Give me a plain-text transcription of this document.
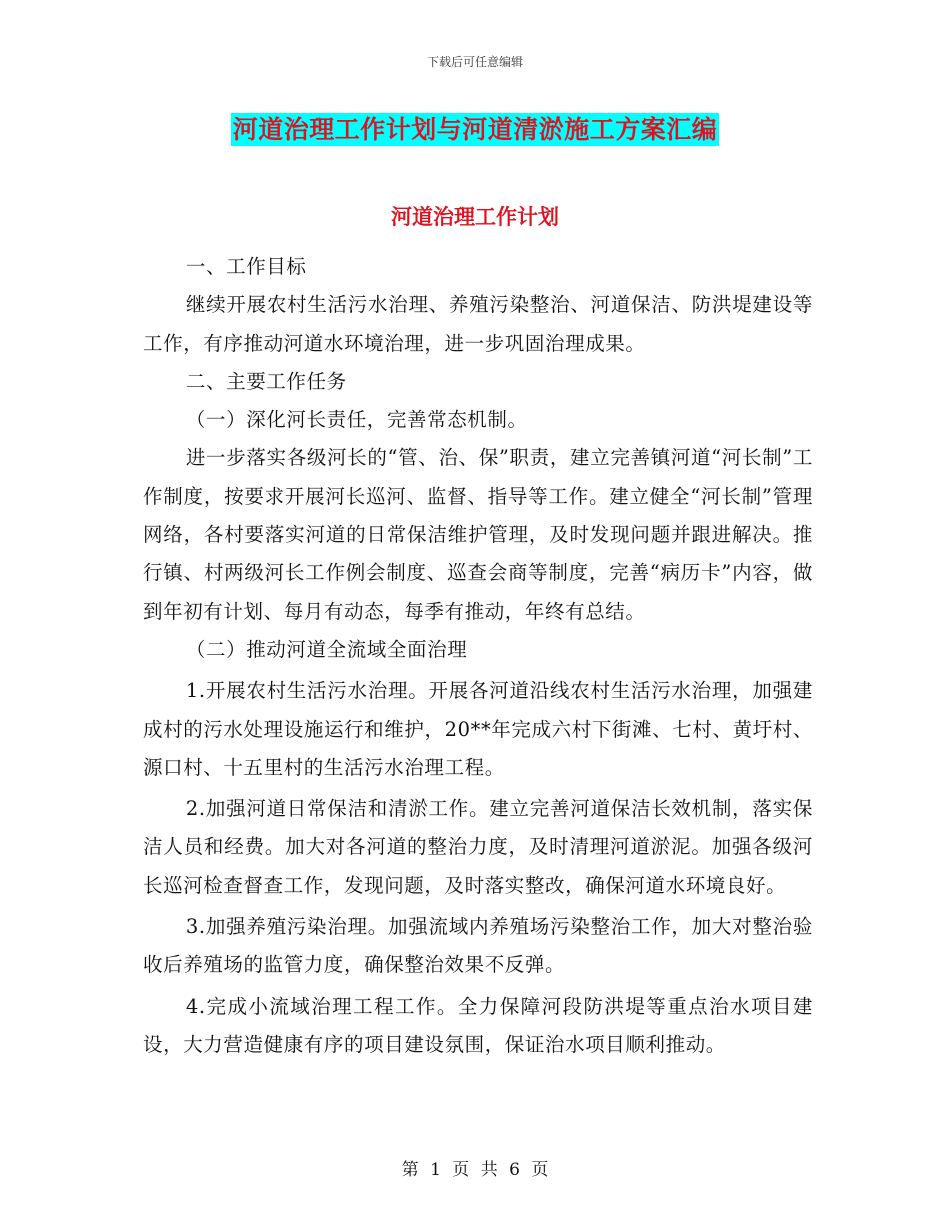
下载后可任意编辑
河道治理工作计划与河道清淤施工方案汇编
河道治理工作计划

一、工作目标

继续开展农村生活污水治理、养殖污染整治、河道保洁、防洪堤建设等工作，有序推动河道水环境治理，进一步巩固治理成果。

二、主要工作任务

（一）深化河长责任，完善常态机制。

进一步落实各级河长的“管、治、保”职责，建立完善镇河道“河长制”工作制度，按要求开展河长巡河、监督、指导等工作。建立健全“河长制”管理网络，各村要落实河道的日常保洁维护管理，及时发现问题并跟进解决。推行镇、村两级河长工作例会制度、巡查会商等制度，完善“病历卡”内容，做到年初有计划、每月有动态，每季有推动，年终有总结。

（二）推动河道全流域全面治理

1.开展农村生活污水治理。开展各河道沿线农村生活污水治理，加强建成村的污水处理设施运行和维护，20**年完成六村下街滩、七村、黄圩村、源口村、十五里村的生活污水治理工程。

2.加强河道日常保洁和清淤工作。建立完善河道保洁长效机制，落实保洁人员和经费。加大对各河道的整治力度，及时清理河道淤泥。加强各级河长巡河检查督查工作，发现问题，及时落实整改，确保河道水环境良好。

3.加强养殖污染治理。加强流域内养殖场污染整治工作，加大对整治验收后养殖场的监管力度，确保整治效果不反弹。

4.完成小流域治理工程工作。全力保障河段防洪堤等重点治水项目建设，大力营造健康有序的项目建设氛围，保证治水项目顺利推动。

第 1 页 共 6 页
